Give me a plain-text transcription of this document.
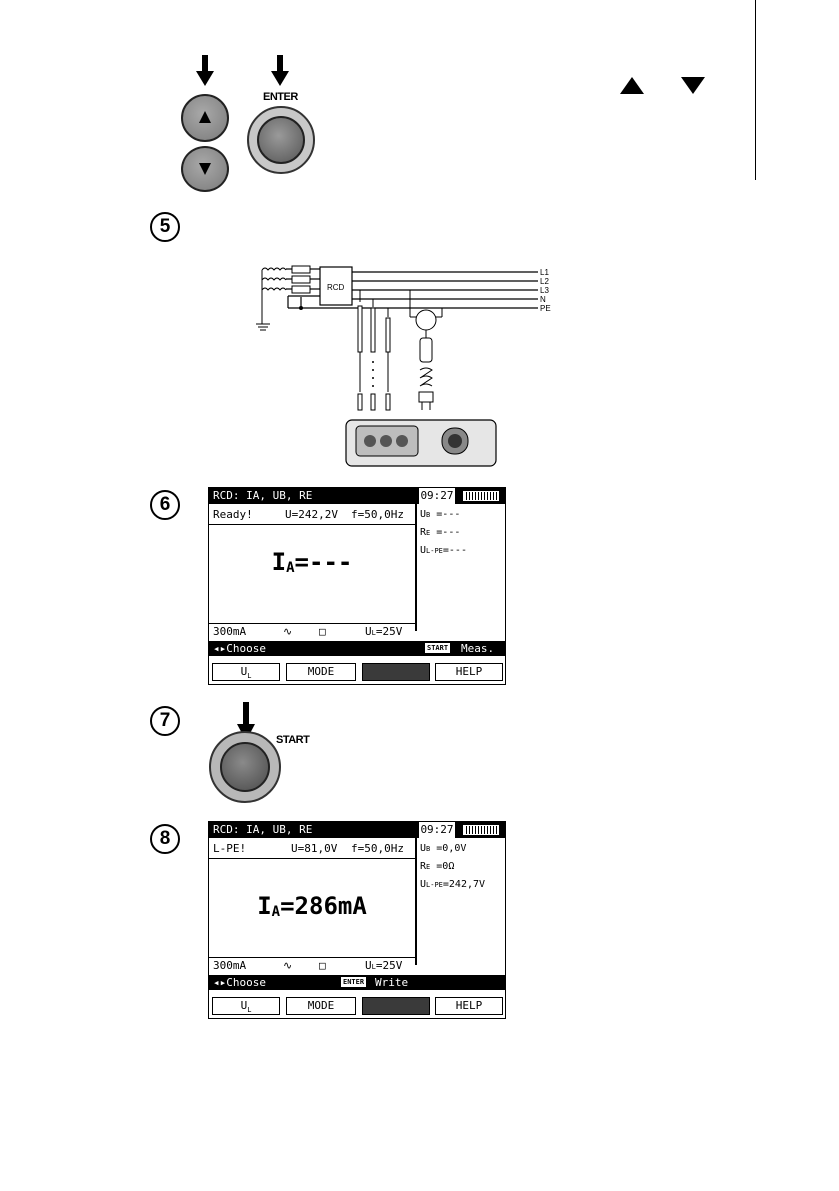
ENTER
5
RCD
L1
L2
L3
N
PE
6	RCD: IA, UB, RE	09:27
Ready!	U=242,2V f=50,0Hz
$I_A=---$
UB =---
RE =---
UL-PE=---
300mA	∿ □	UL=25V
◂▸Choose	START Meas.
$U_L$	MODE	HELP
7
START
8	RCD: IA, UB, RE	09:27
L-PE!	U=81,0V f=50,0Hz
$I_A=286mA$
UB =0,0V
RE =0Ω
UL-PE=242,7V
300mA	∿ □	UL=25V
◂▸Choose	ENTER Write
$U_L$	MODE	HELP
